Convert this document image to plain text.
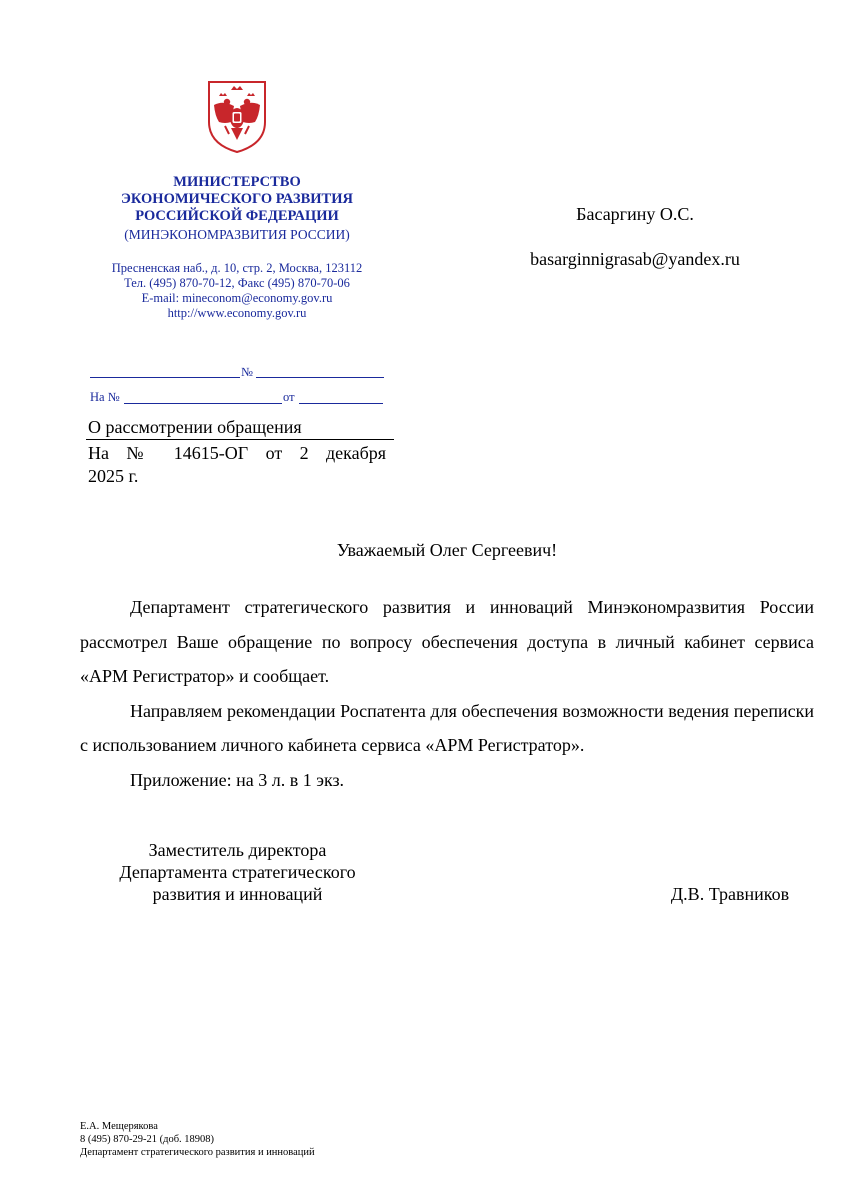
МИНИСТЕРСТВО
ЭКОНОМИЧЕСКОГО РАЗВИТИЯ
РОССИЙСКОЙ ФЕДЕРАЦИИ
(МИНЭКОНОМРАЗВИТИЯ РОССИИ)
Пресненская наб., д. 10, стр. 2, Москва, 123112
Тел. (495) 870-70-12, Факс (495) 870-70-06
E-mail: mineconom@economy.gov.ru
http://www.economy.gov.ru
№
На №	от
О рассмотрении обращения
На № 14615-ОГ от 2 декабря
2025 г.
Басаргину О.С.
basarginnigrasab@yandex.ru
Уважаемый Олег Сергеевич!

Департамент стратегического развития и инноваций Минэкономразвития России рассмотрел Ваше обращение по вопросу обеспечения доступа в личный кабинет сервиса «АРМ Регистратор» и сообщает.

Направляем рекомендации Роспатента для обеспечения возможности ведения переписки с использованием личного кабинета сервиса «АРМ Регистратор».

Приложение: на 3 л. в 1 экз.

Заместитель директора
Департамента стратегического
развития и инноваций	Д.В. Травников
Е.А. Мещерякова
8 (495) 870-29-21 (доб. 18908)
Департамент стратегического развития и инноваций
